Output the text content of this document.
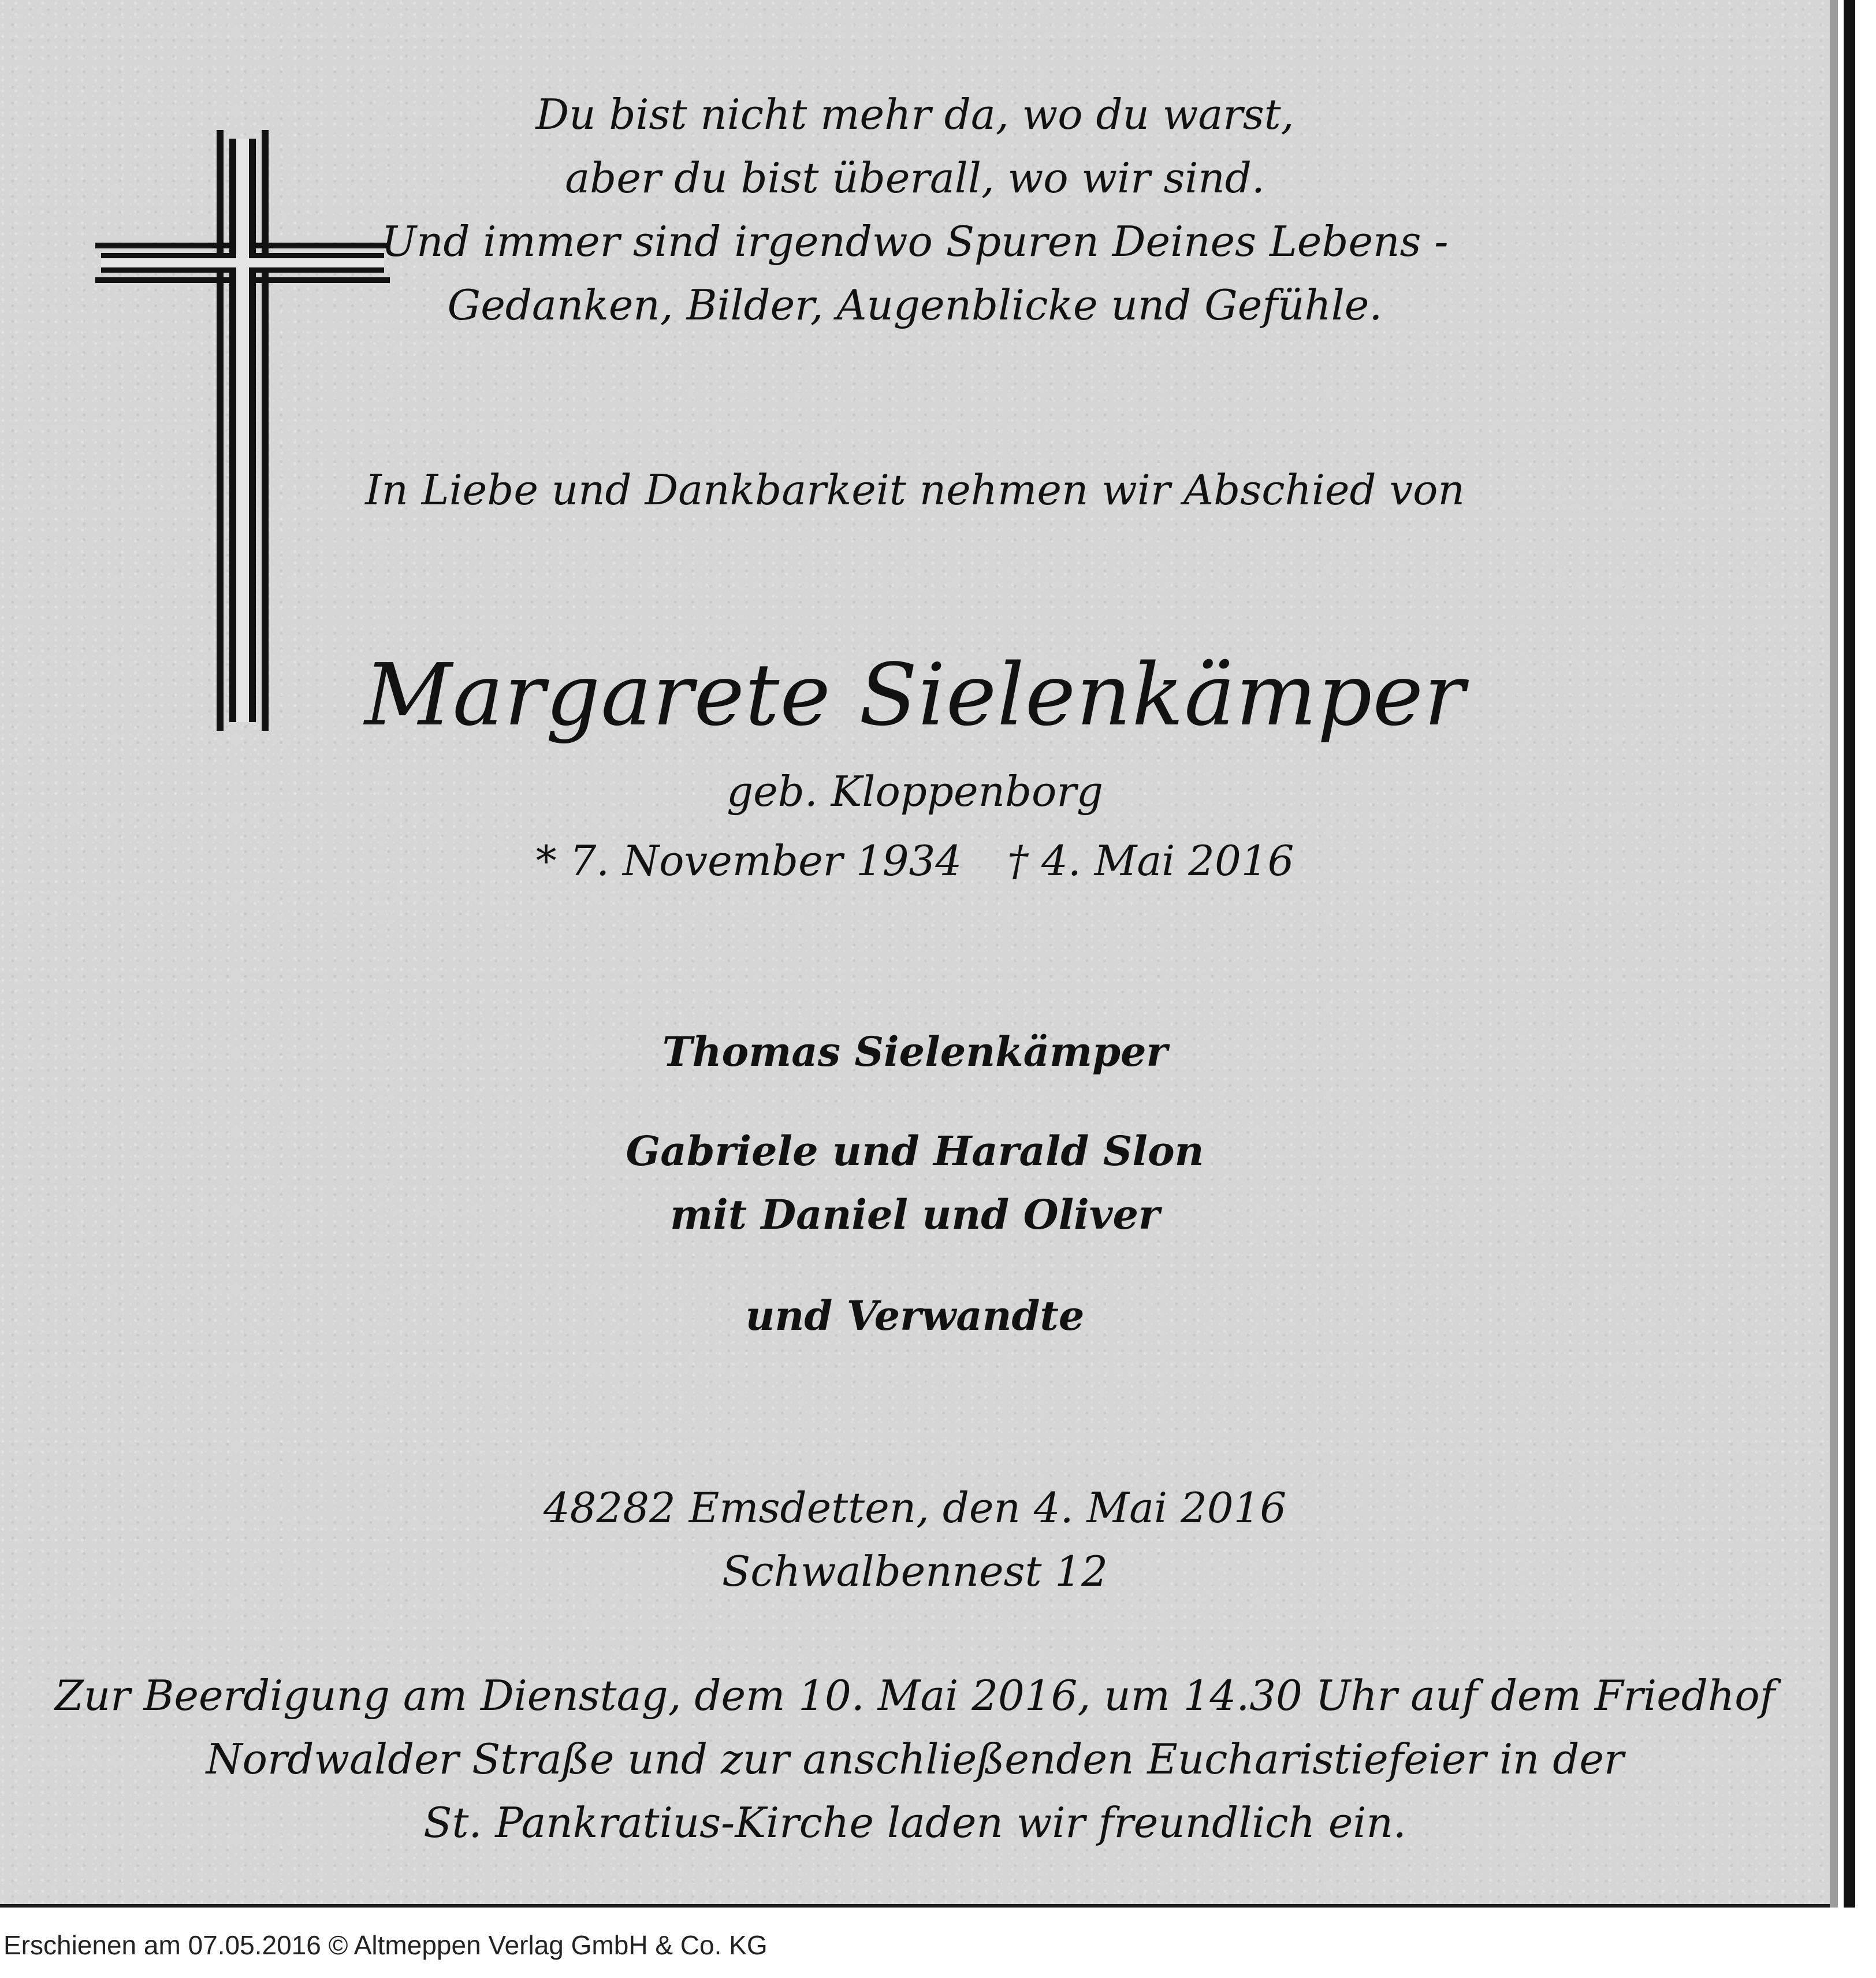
Du bist nicht mehr da, wo du warst,
aber du bist überall, wo wir sind.
Und immer sind irgendwo Spuren Deines Lebens -
Gedanken, Bilder, Augenblicke und Gefühle.
In Liebe und Dankbarkeit nehmen wir Abschied von
Margarete Sielenkämper
geb. Kloppenborg
* 7. November 1934 † 4. Mai 2016
Thomas Sielenkämper
Gabriele und Harald Slon
mit Daniel und Oliver
und Verwandte
48282 Emsdetten, den 4. Mai 2016
Schwalbennest 12
Zur Beerdigung am Dienstag, dem 10. Mai 2016, um 14.30 Uhr auf dem Friedhof
Nordwalder Straße und zur anschließenden Eucharistiefeier in der
St. Pankratius-Kirche laden wir freundlich ein.
Erschienen am 07.05.2016 © Altmeppen Verlag GmbH & Co. KG
